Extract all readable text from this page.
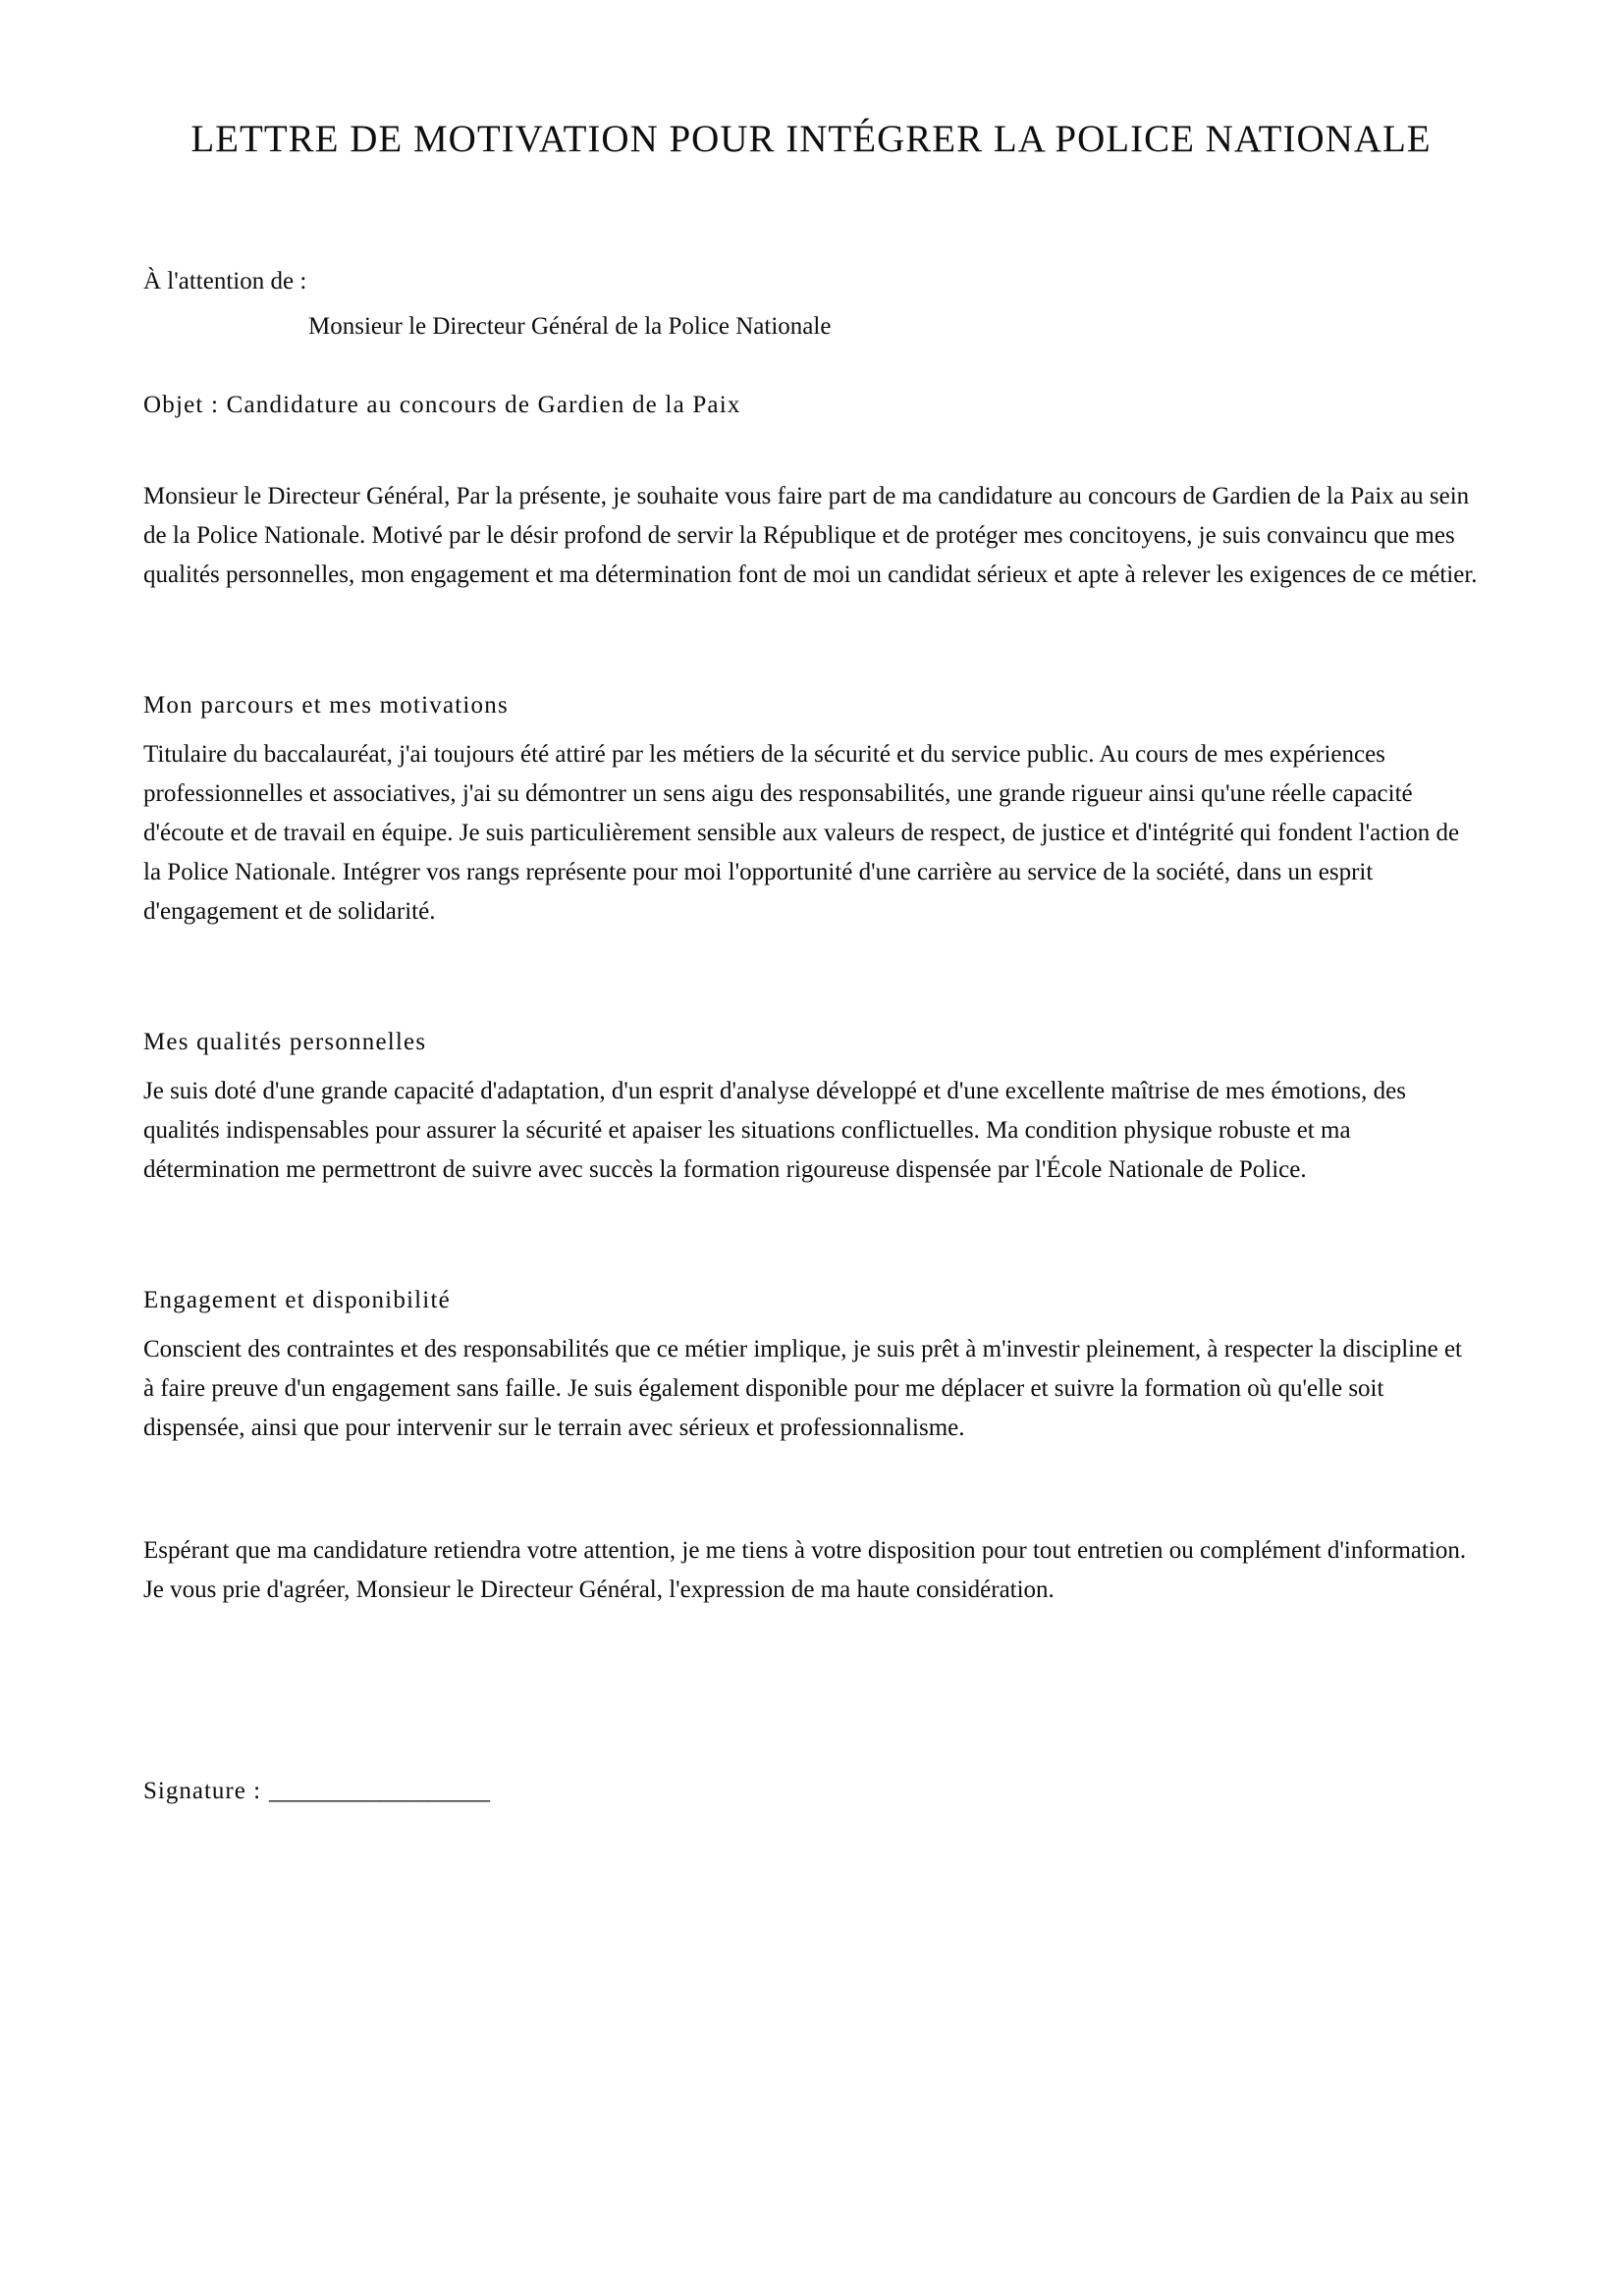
LETTRE DE MOTIVATION POUR INTÉGRER LA POLICE NATIONALE

À l'attention de :

Monsieur le Directeur Général de la Police Nationale

Objet : Candidature au concours de Gardien de la Paix

Monsieur le Directeur Général, Par la présente, je souhaite vous faire part de ma candidature au concours de Gardien de la Paix au sein de la Police Nationale. Motivé par le désir profond de servir la République et de protéger mes concitoyens, je suis convaincu que mes qualités personnelles, mon engagement et ma détermination font de moi un candidat sérieux et apte à relever les exigences de ce métier.

Mon parcours et mes motivations

Titulaire du baccalauréat, j'ai toujours été attiré par les métiers de la sécurité et du service public. Au cours de mes expériences professionnelles et associatives, j'ai su démontrer un sens aigu des responsabilités, une grande rigueur ainsi qu'une réelle capacité d'écoute et de travail en équipe. Je suis particulièrement sensible aux valeurs de respect, de justice et d'intégrité qui fondent l'action de la Police Nationale. Intégrer vos rangs représente pour moi l'opportunité d'une carrière au service de la société, dans un esprit d'engagement et de solidarité.

Mes qualités personnelles

Je suis doté d'une grande capacité d'adaptation, d'un esprit d'analyse développé et d'une excellente maîtrise de mes émotions, des qualités indispensables pour assurer la sécurité et apaiser les situations conflictuelles. Ma condition physique robuste et ma détermination me permettront de suivre avec succès la formation rigoureuse dispensée par l'École Nationale de Police.

Engagement et disponibilité

Conscient des contraintes et des responsabilités que ce métier implique, je suis prêt à m'investir pleinement, à respecter la discipline et à faire preuve d'un engagement sans faille. Je suis également disponible pour me déplacer et suivre la formation où qu'elle soit dispensée, ainsi que pour intervenir sur le terrain avec sérieux et professionnalisme.

Espérant que ma candidature retiendra votre attention, je me tiens à votre disposition pour tout entretien ou complément d'information. Je vous prie d'agréer, Monsieur le Directeur Général, l'expression de ma haute considération.

Signature : __________________
